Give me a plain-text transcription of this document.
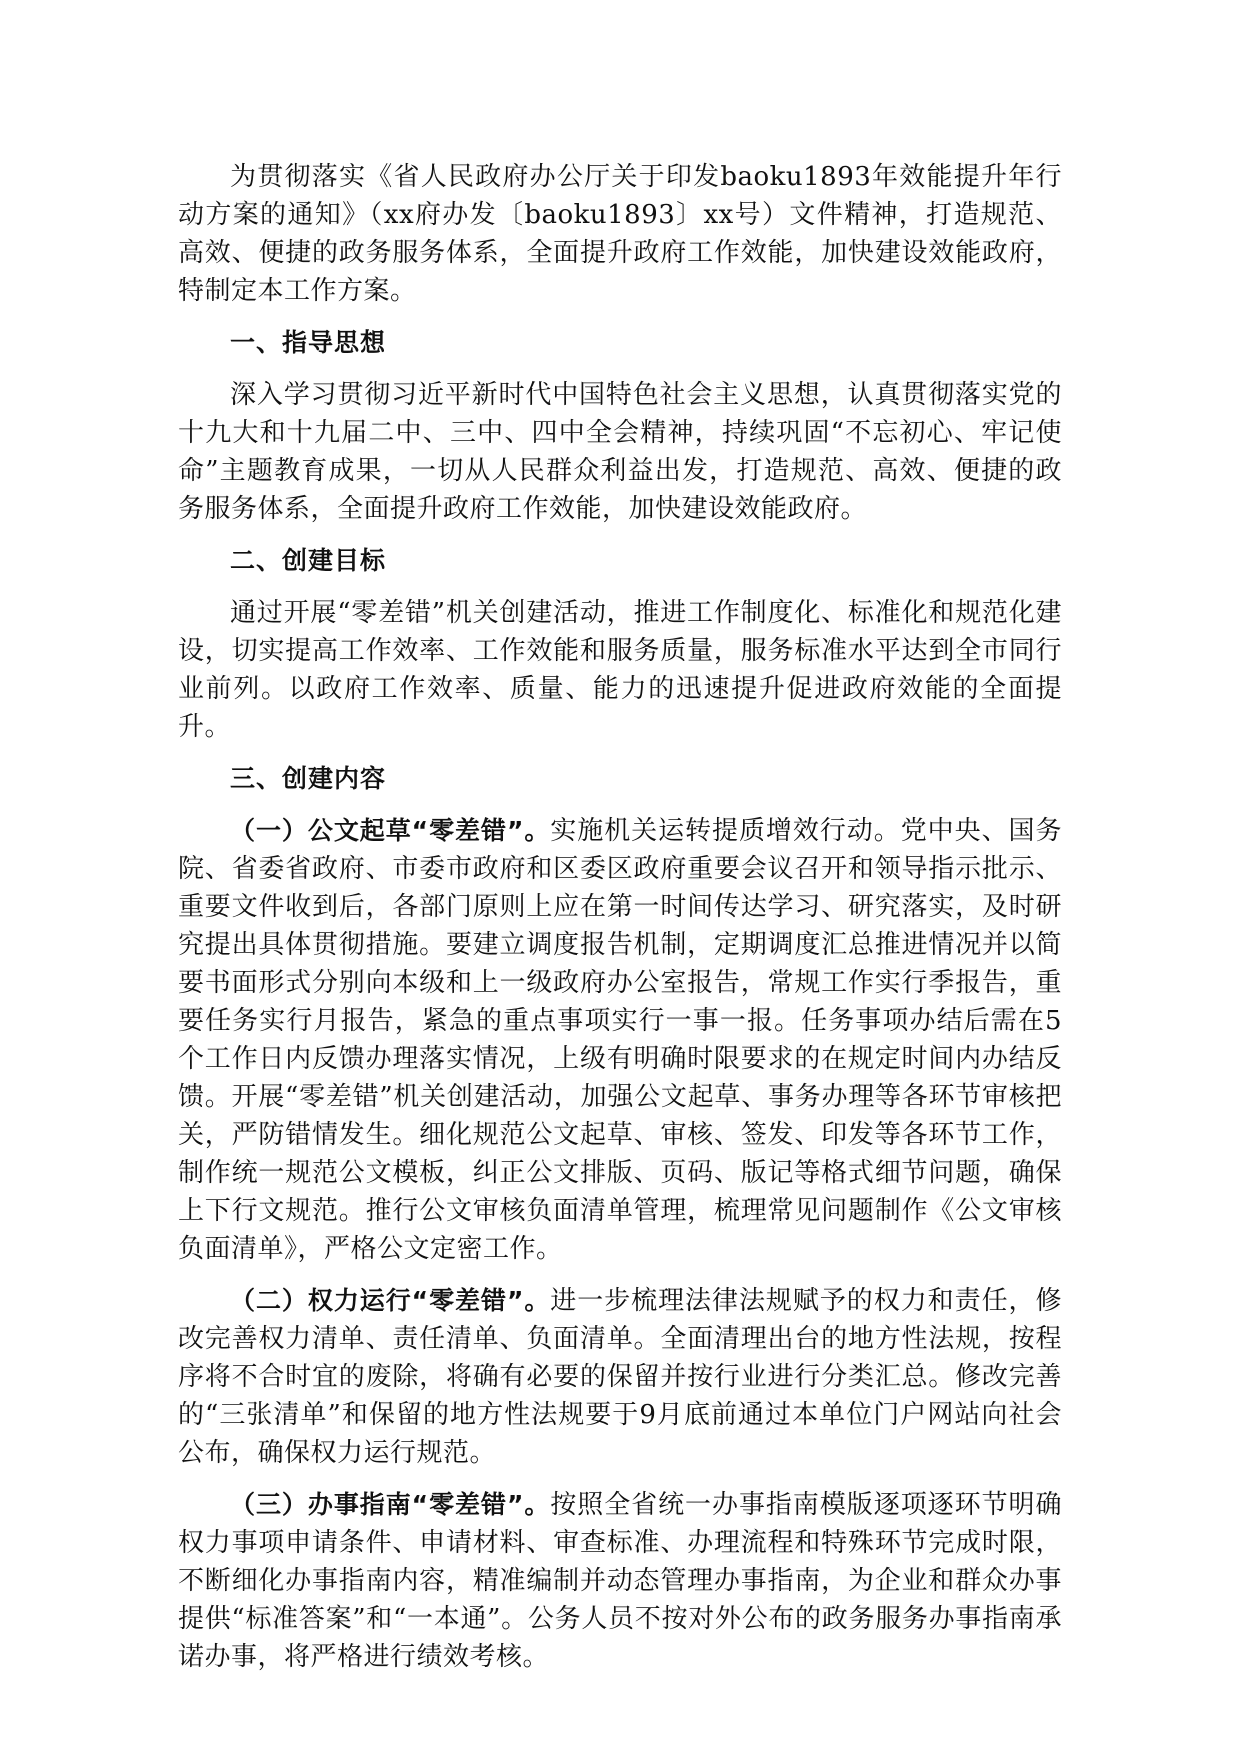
为贯彻落实《省人民政府办公厅关于印发baoku1893年效能提升年行动方案的通知》（xx府办发〔baoku1893〕xx号）文件精神，打造规范、高效、便捷的政务服务体系，全面提升政府工作效能，加快建设效能政府，特制定本工作方案。

一、指导思想

深入学习贯彻习近平新时代中国特色社会主义思想，认真贯彻落实党的十九大和十九届二中、三中、四中全会精神，持续巩固“不忘初心、牢记使命”主题教育成果，一切从人民群众利益出发，打造规范、高效、便捷的政务服务体系，全面提升政府工作效能，加快建设效能政府。

二、创建目标

通过开展“零差错”机关创建活动，推进工作制度化、标准化和规范化建设，切实提高工作效率、工作效能和服务质量，服务标准水平达到全市同行业前列。以政府工作效率、质量、能力的迅速提升促进政府效能的全面提升。

三、创建内容

（一）公文起草“零差错”。实施机关运转提质增效行动。党中央、国务院、省委省政府、市委市政府和区委区政府重要会议召开和领导指示批示、重要文件收到后，各部门原则上应在第一时间传达学习、研究落实，及时研究提出具体贯彻措施。要建立调度报告机制，定期调度汇总推进情况并以简要书面形式分别向本级和上一级政府办公室报告，常规工作实行季报告，重要任务实行月报告，紧急的重点事项实行一事一报。任务事项办结后需在5个工作日内反馈办理落实情况，上级有明确时限要求的在规定时间内办结反馈。开展“零差错”机关创建活动，加强公文起草、事务办理等各环节审核把关，严防错情发生。细化规范公文起草、审核、签发、印发等各环节工作，制作统一规范公文模板，纠正公文排版、页码、版记等格式细节问题，确保上下行文规范。推行公文审核负面清单管理，梳理常见问题制作《公文审核负面清单》，严格公文定密工作。

（二）权力运行“零差错”。进一步梳理法律法规赋予的权力和责任，修改完善权力清单、责任清单、负面清单。全面清理出台的地方性法规，按程序将不合时宜的废除，将确有必要的保留并按行业进行分类汇总。修改完善的“三张清单”和保留的地方性法规要于9月底前通过本单位门户网站向社会公布，确保权力运行规范。

（三）办事指南“零差错”。按照全省统一办事指南模版逐项逐环节明确权力事项申请条件、申请材料、审查标准、办理流程和特殊环节完成时限，不断细化办事指南内容，精准编制并动态管理办事指南，为企业和群众办事提供“标准答案”和“一本通”。公务人员不按对外公布的政务服务办事指南承诺办事，将严格进行绩效考核。
